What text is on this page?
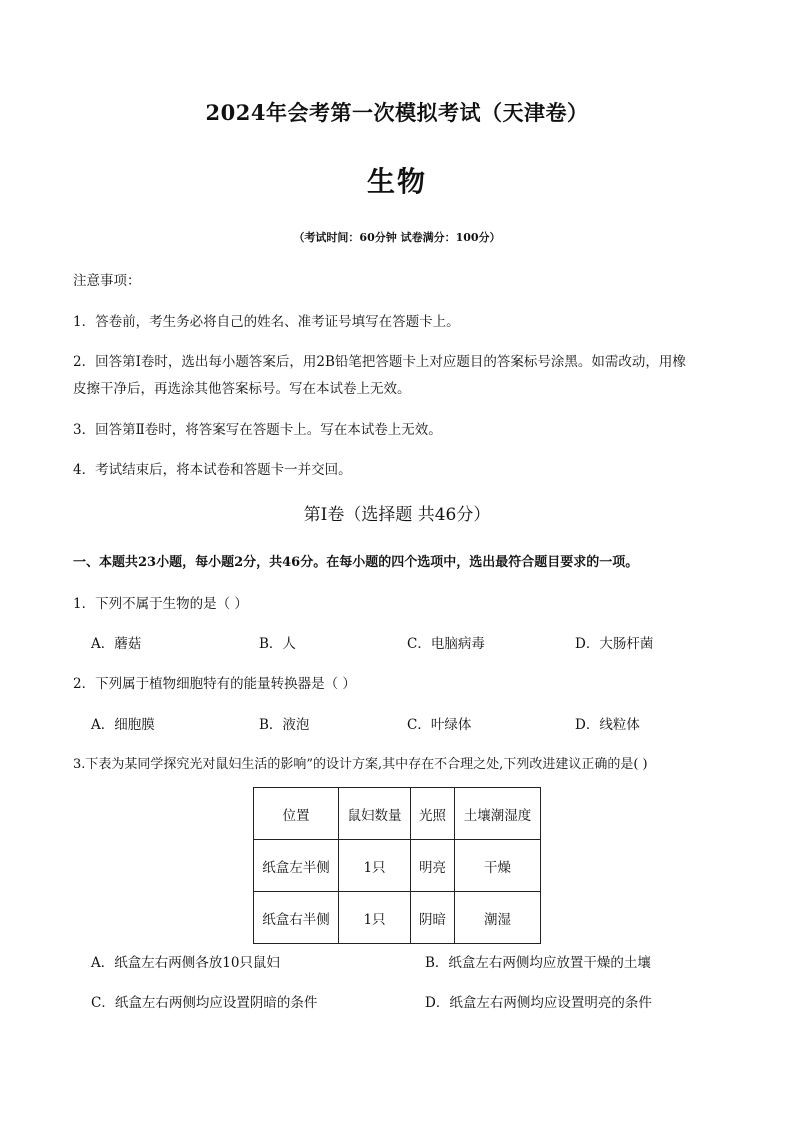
2024年会考第一次模拟考试（天津卷）
生物
（考试时间：60分钟 试卷满分：100分）
注意事项：
1．答卷前，考生务必将自己的姓名、准考证号填写在答题卡上。
2．回答第Ⅰ卷时，选出每小题答案后，用2B铅笔把答题卡上对应题目的答案标号涂黑。如需改动，用橡
皮擦干净后，再选涂其他答案标号。写在本试卷上无效。
3．回答第Ⅱ卷时，将答案写在答题卡上。写在本试卷上无效。
4．考试结束后，将本试卷和答题卡一并交回。
第Ⅰ卷（选择题 共46分）
一、本题共23小题，每小题2分，共46分。在每小题的四个选项中，选出最符合题目要求的一项。
1．下列不属于生物的是（ ）
A．蘑菇	B．人	C．电脑病毒	D．大肠杆菌
2．下列属于植物细胞特有的能量转换器是（ ）
A．细胞膜	B．液泡	C．叶绿体	D．线粒体
3.下表为某同学探究光对鼠妇生活的影响”的设计方案,其中存在不合理之处,下列改进建议正确的是( )
位置	鼠妇数量	光照	土壤潮湿度
纸盒左半侧	1只	明亮	干燥
纸盒右半侧	1只	阴暗	潮湿
A．纸盒左右两侧各放10只鼠妇	B．纸盒左右两侧均应放置干燥的土壤
C．纸盒左右两侧均应设置阴暗的条件	D．纸盒左右两侧均应设置明亮的条件
